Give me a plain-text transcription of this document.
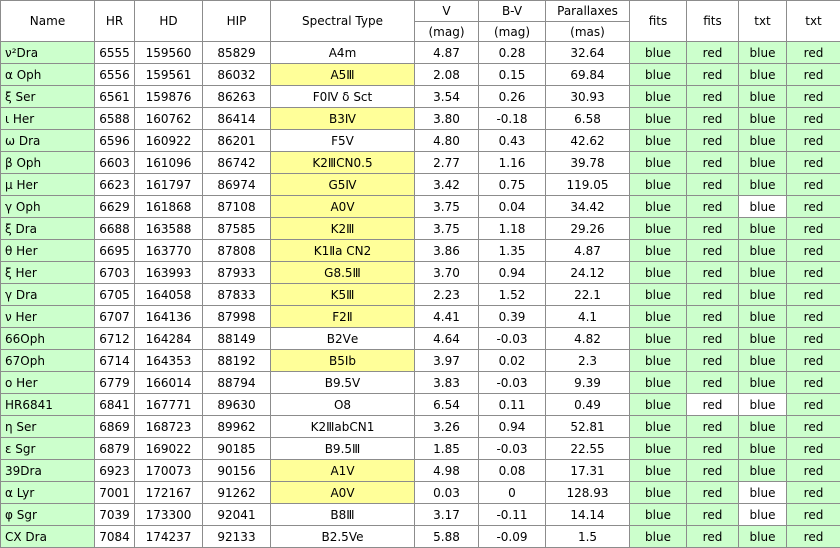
Name	HR	HD	HIP	Spectral Type	V	B-V	Parallaxes	fits	fits	txt	txt
					(mag)	(mag)	(mas)				
ν²Dra	6555	159560	85829	A4m	4.87	0.28	32.64	blue	red	blue	red
α Oph	6556	159561	86032	A5Ⅲ	2.08	0.15	69.84	blue	red	blue	red
ξ Ser	6561	159876	86263	F0Ⅳ δ Sct	3.54	0.26	30.93	blue	red	blue	red
ι Her	6588	160762	86414	B3Ⅳ	3.80	-0.18	6.58	blue	red	blue	red
ω Dra	6596	160922	86201	F5Ⅴ	4.80	0.43	42.62	blue	red	blue	red
β Oph	6603	161096	86742	K2ⅢCN0.5	2.77	1.16	39.78	blue	red	blue	red
μ Her	6623	161797	86974	G5Ⅳ	3.42	0.75	119.05	blue	red	blue	red
γ Oph	6629	161868	87108	A0Ⅴ	3.75	0.04	34.42	blue	red	blue	red
ξ Dra	6688	163588	87585	K2Ⅲ	3.75	1.18	29.26	blue	red	blue	red
θ Her	6695	163770	87808	K1Ⅱa CN2	3.86	1.35	4.87	blue	red	blue	red
ξ Her	6703	163993	87933	G8.5Ⅲ	3.70	0.94	24.12	blue	red	blue	red
γ Dra	6705	164058	87833	K5Ⅲ	2.23	1.52	22.1	blue	red	blue	red
ν Her	6707	164136	87998	F2Ⅱ	4.41	0.39	4.1	blue	red	blue	red
66Oph	6712	164284	88149	B2Ⅴe	4.64	-0.03	4.82	blue	red	blue	red
67Oph	6714	164353	88192	B5Ⅰb	3.97	0.02	2.3	blue	red	blue	red
ο Her	6779	166014	88794	B9.5Ⅴ	3.83	-0.03	9.39	blue	red	blue	red
HR6841	6841	167771	89630	O8	6.54	0.11	0.49	blue	red	blue	red
η Ser	6869	168723	89962	K2ⅢabCN1	3.26	0.94	52.81	blue	red	blue	red
ε Sgr	6879	169022	90185	B9.5Ⅲ	1.85	-0.03	22.55	blue	red	blue	red
39Dra	6923	170073	90156	A1Ⅴ	4.98	0.08	17.31	blue	red	blue	red
α Lyr	7001	172167	91262	A0Ⅴ	0.03	0	128.93	blue	red	blue	red
φ Sgr	7039	173300	92041	B8Ⅲ	3.17	-0.11	14.14	blue	red	blue	red
CX Dra	7084	174237	92133	B2.5Ve	5.88	-0.09	1.5	blue	red	blue	red
